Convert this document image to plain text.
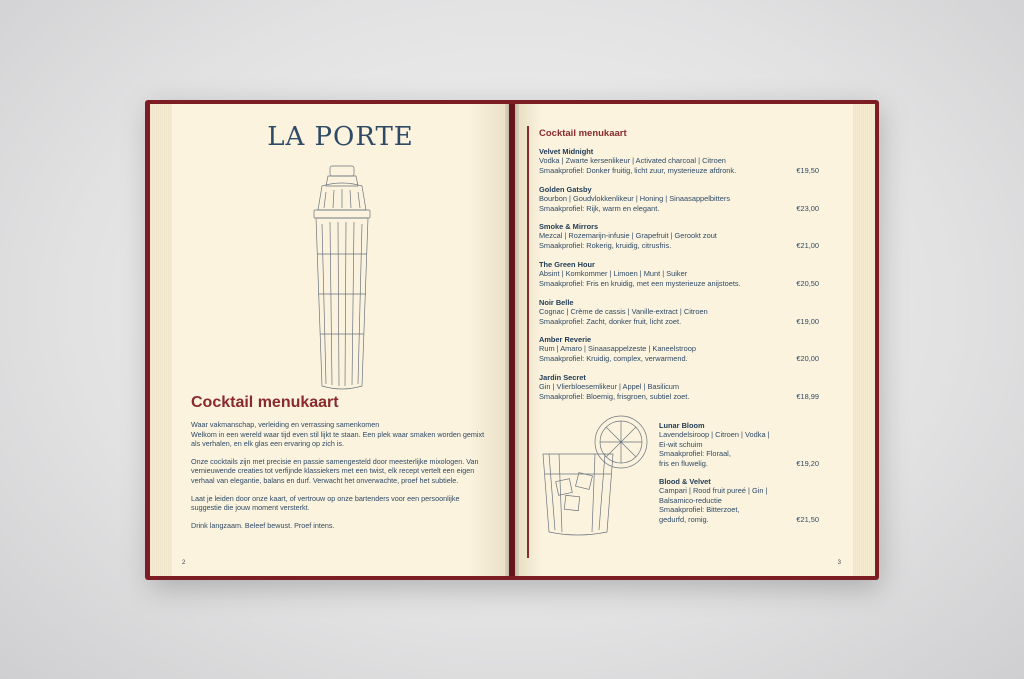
LA PORTE
Cocktail menukaart

Waar vakmanschap, verleiding en verrassing samenkomen
Welkom in een wereld waar tijd even stil lijkt te staan. Een plek waar smaken worden gemixt als verhalen, en elk glas een ervaring op zich is.

Onze cocktails zijn met precisie en passie samengesteld door meesterlijke mixologen. Van vernieuwende creaties tot verfijnde klassiekers met een twist, elk recept vertelt een eigen verhaal van elegantie, balans en durf. Verwacht het onverwachte, proef het subtiele.

Laat je leiden door onze kaart, of vertrouw op onze bartenders voor een persoonlijke suggestie die jouw moment versterkt.

Drink langzaam. Beleef bewust. Proef intens.

2
Cocktail menukaart
Velvet Midnight
Vodka | Zwarte kersenlikeur | Activated charcoal | Citroen
Smaakprofiel: Donker fruitig, licht zuur, mysterieuze afdronk.	€19,50
Golden Gatsby
Bourbon | Goudvlokkenlikeur | Honing | Sinaasappelbitters
Smaakprofiel: Rijk, warm en elegant.	€23,00
Smoke & Mirrors
Mezcal | Rozemarijn-infusie | Grapefruit | Gerookt zout
Smaakprofiel: Rokerig, kruidig, citrusfris.	€21,00
The Green Hour
Absint | Komkommer | Limoen | Munt | Suiker
Smaakprofiel: Fris en kruidig, met een mysterieuze anijstoets.	€20,50
Noir Belle
Cognac | Crème de cassis | Vanille-extract | Citroen
Smaakprofiel: Zacht, donker fruit, licht zoet.	€19,00
Amber Reverie
Rum | Amaro | Sinaasappelzeste | Kaneelstroop
Smaakprofiel: Kruidig, complex, verwarmend.	€20,00
Jardin Secret
Gin | Vlierbloesemlikeur | Appel | Basilicum
Smaakprofiel: Bloemig, frisgroen, subtiel zoet.	€18,99
Lunar Bloom
Lavendelsiroop | Citroen | Vodka |
Ei-wit schuim
Smaakprofiel: Floraal,
fris en fluwelig.	€19,20
Blood & Velvet
Campari | Rood fruit pureé | Gin |
Balsamico-reductie
Smaakprofiel: Bitterzoet,
gedurfd, romig.	€21,50
3
